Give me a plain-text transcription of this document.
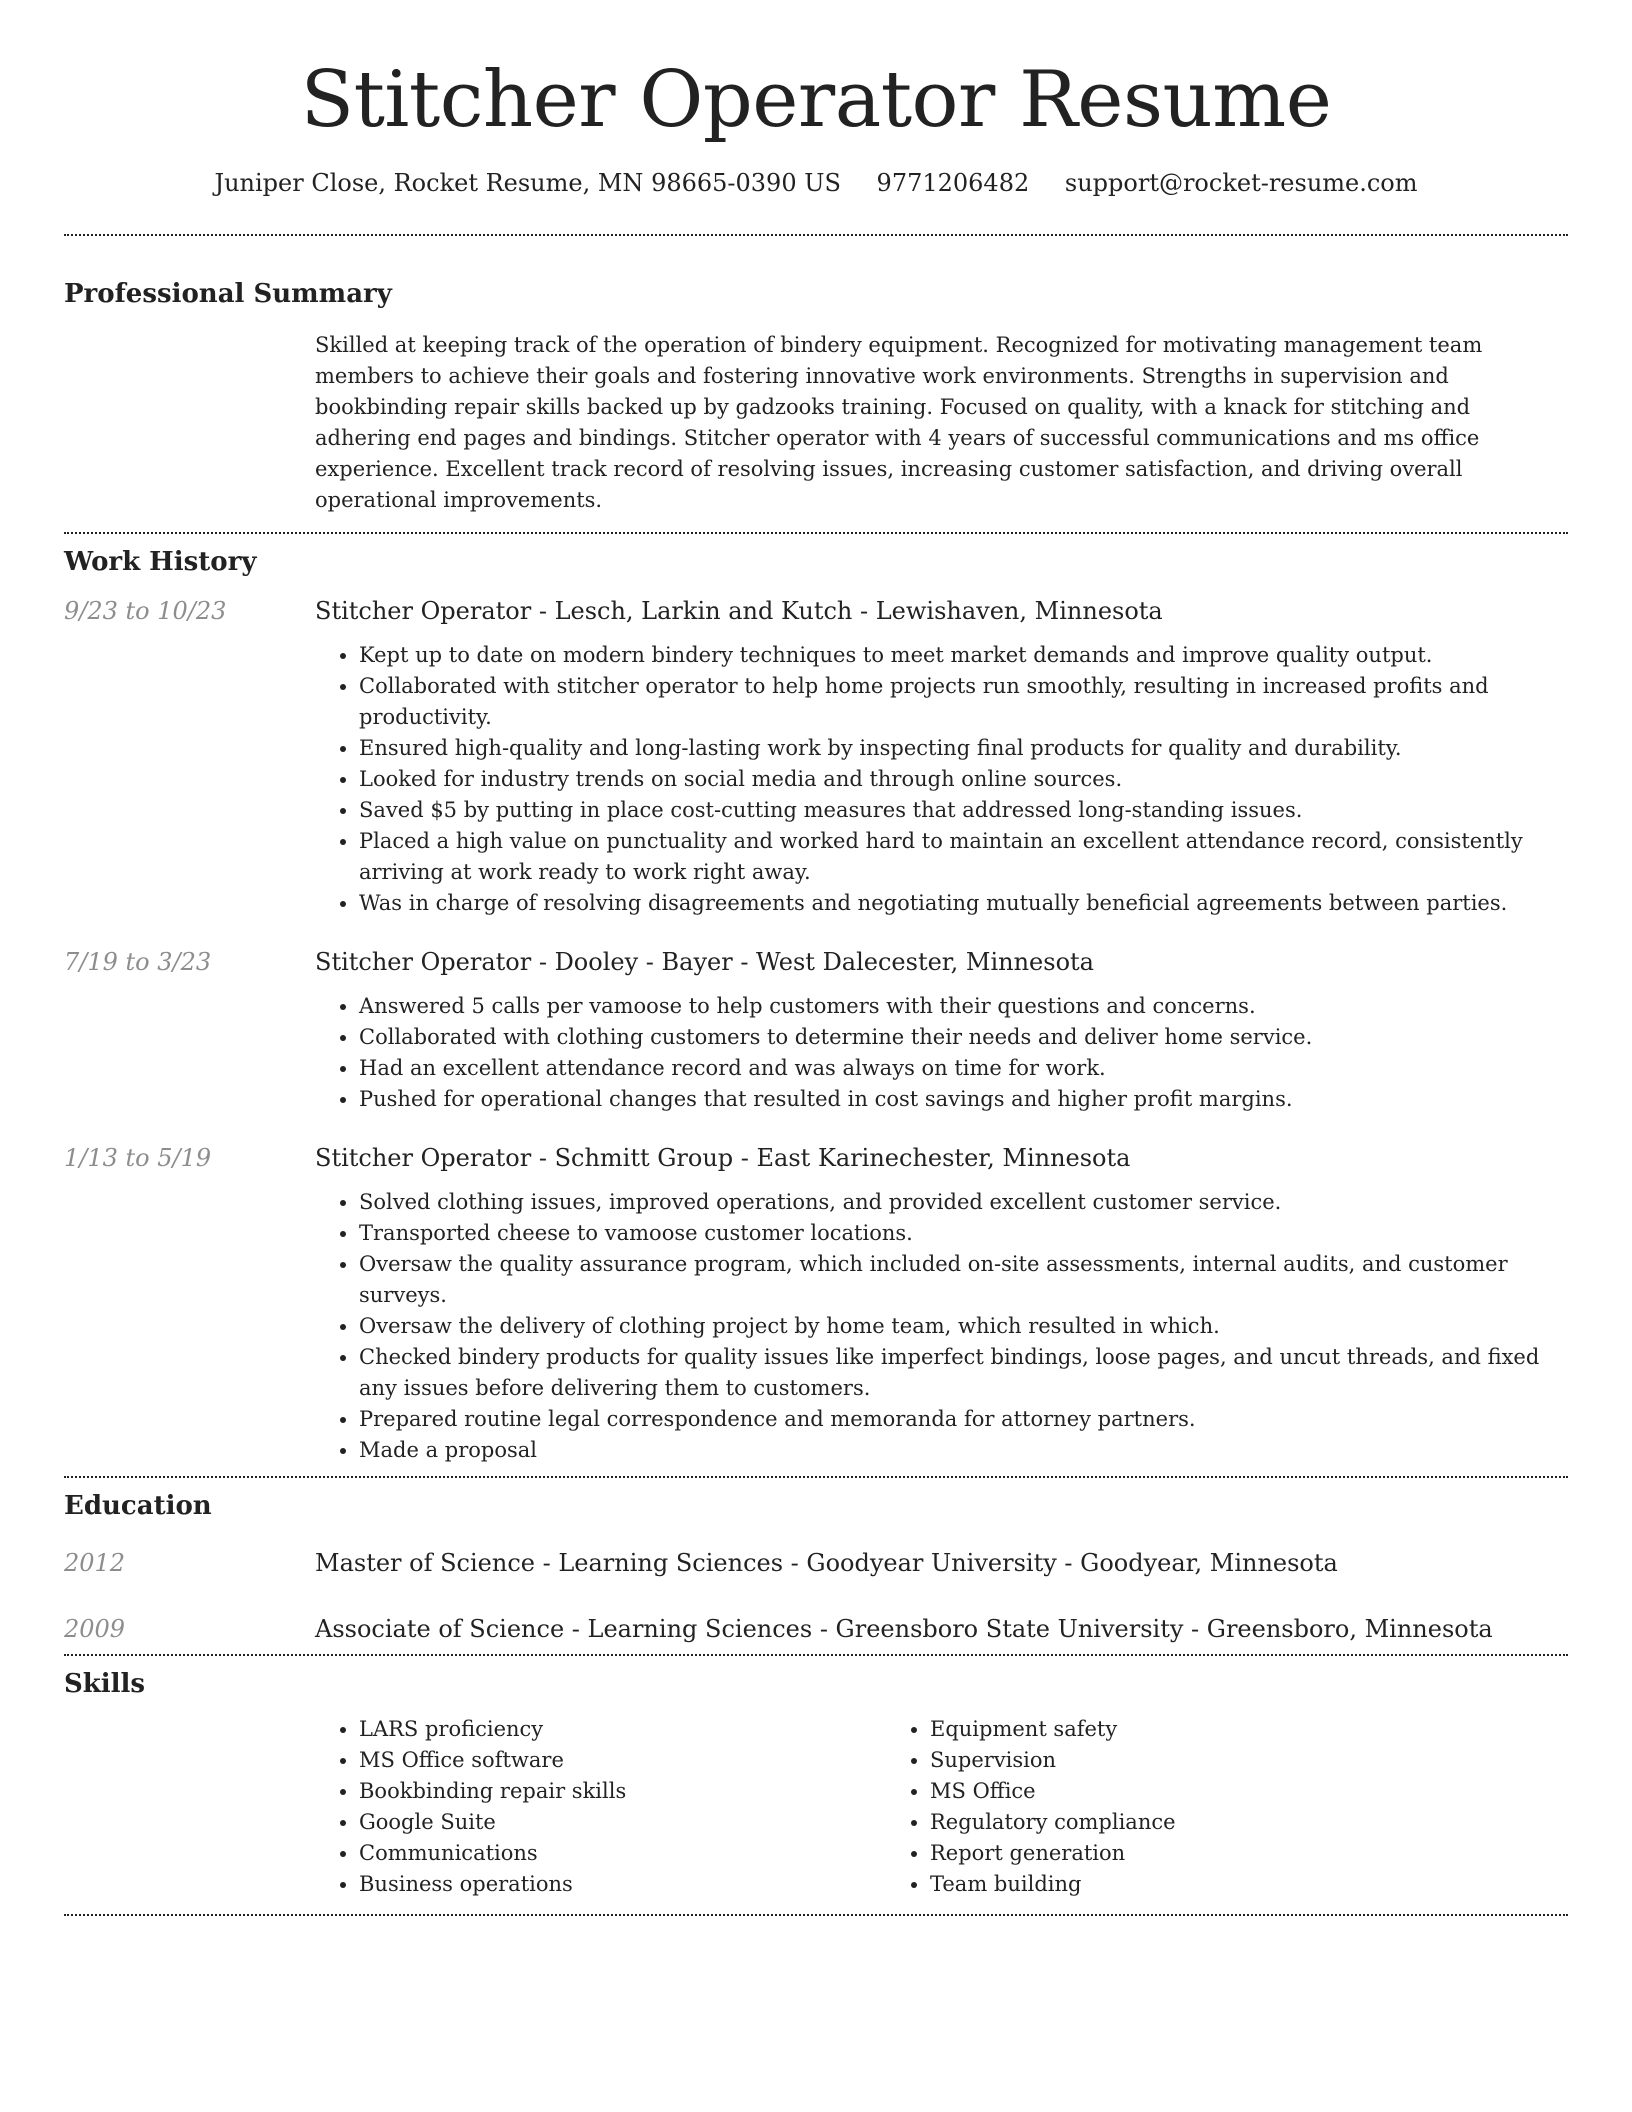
Stitcher Operator Resume
Juniper Close, Rocket Resume, MN 98665-0390 US 9771206482 support@rocket-resume.com
Professional Summary
Skilled at keeping track of the operation of bindery equipment. Recognized for motivating management team members to achieve their goals and fostering innovative work environments. Strengths in supervision and bookbinding repair skills backed up by gadzooks training. Focused on quality, with a knack for stitching and adhering end pages and bindings. Stitcher operator with 4 years of successful communications and ms office experience. Excellent track record of resolving issues, increasing customer satisfaction, and driving overall operational improvements.
Work History
9/23 to 10/23	Stitcher Operator - Lesch, Larkin and Kutch - Lewishaven, Minnesota
• Kept up to date on modern bindery techniques to meet market demands and improve quality output.
• Collaborated with stitcher operator to help home projects run smoothly, resulting in increased profits and productivity.
• Ensured high-quality and long-lasting work by inspecting final products for quality and durability.
• Looked for industry trends on social media and through online sources.
• Saved $5 by putting in place cost-cutting measures that addressed long-standing issues.
• Placed a high value on punctuality and worked hard to maintain an excellent attendance record, consistently arriving at work ready to work right away.
• Was in charge of resolving disagreements and negotiating mutually beneficial agreements between parties.
7/19 to 3/23	Stitcher Operator - Dooley - Bayer - West Dalecester, Minnesota
• Answered 5 calls per vamoose to help customers with their questions and concerns.
• Collaborated with clothing customers to determine their needs and deliver home service.
• Had an excellent attendance record and was always on time for work.
• Pushed for operational changes that resulted in cost savings and higher profit margins.
1/13 to 5/19	Stitcher Operator - Schmitt Group - East Karinechester, Minnesota
• Solved clothing issues, improved operations, and provided excellent customer service.
• Transported cheese to vamoose customer locations.
• Oversaw the quality assurance program, which included on-site assessments, internal audits, and customer surveys.
• Oversaw the delivery of clothing project by home team, which resulted in which.
• Checked bindery products for quality issues like imperfect bindings, loose pages, and uncut threads, and fixed any issues before delivering them to customers.
• Prepared routine legal correspondence and memoranda for attorney partners.
• Made a proposal
Education
2012	Master of Science - Learning Sciences - Goodyear University - Goodyear, Minnesota
2009	Associate of Science - Learning Sciences - Greensboro State University - Greensboro, Minnesota
Skills
• LARS proficiency
• MS Office software
• Bookbinding repair skills
• Google Suite
• Communications
• Business operations
• Equipment safety
• Supervision
• MS Office
• Regulatory compliance
• Report generation
• Team building
